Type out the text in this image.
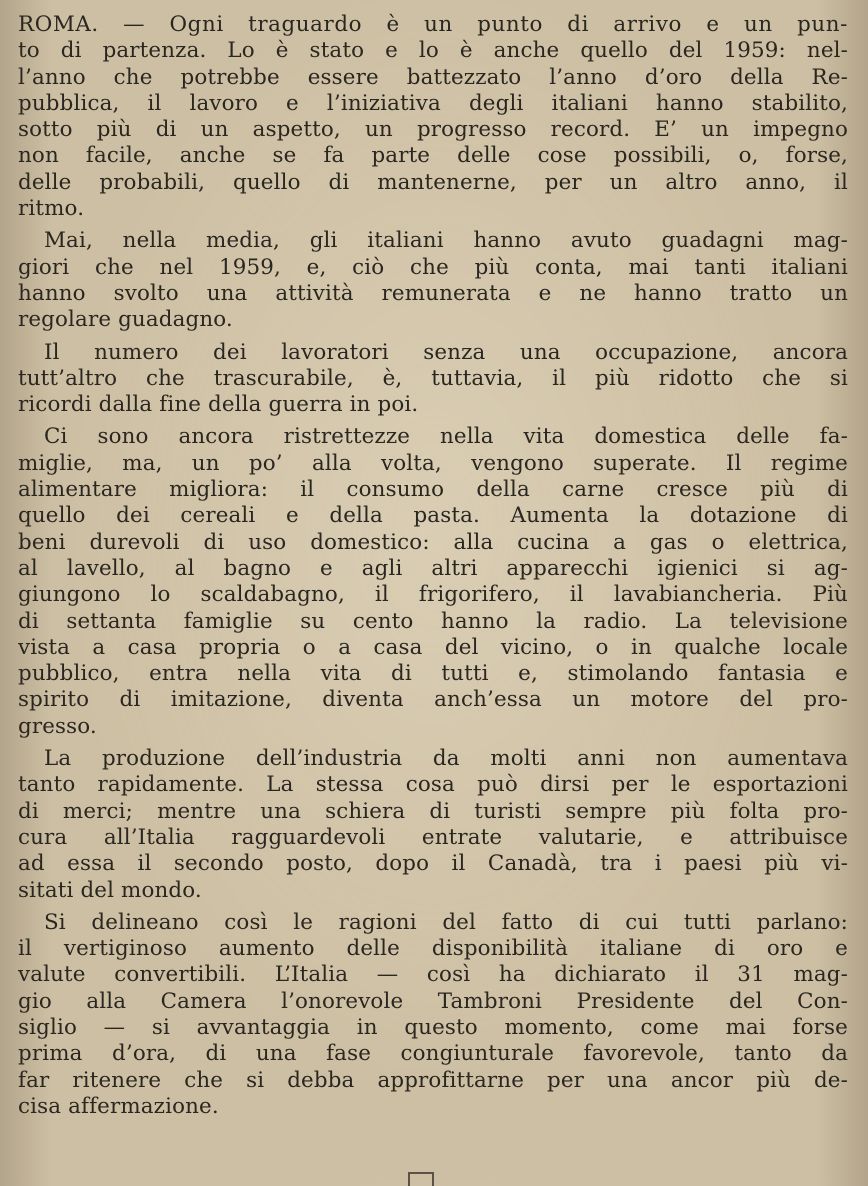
ROMA. — Ogni traguardo è un punto di arrivo e un pun-
to di partenza. Lo è stato e lo è anche quello del 1959: nel-
l’anno che potrebbe essere battezzato l’anno d’oro della Re-
pubblica, il lavoro e l’iniziativa degli italiani hanno stabilito,
sotto più di un aspetto, un progresso record. E’ un impegno
non facile, anche se fa parte delle cose possibili, o, forse,
delle probabili, quello di mantenerne, per un altro anno, il
ritmo.
Mai, nella media, gli italiani hanno avuto guadagni mag-
giori che nel 1959, e, ciò che più conta, mai tanti italiani
hanno svolto una attività remunerata e ne hanno tratto un
regolare guadagno.
Il numero dei lavoratori senza una occupazione, ancora
tutt’altro che trascurabile, è, tuttavia, il più ridotto che si
ricordi dalla fine della guerra in poi.
Ci sono ancora ristrettezze nella vita domestica delle fa-
miglie, ma, un po’ alla volta, vengono superate. Il regime
alimentare migliora: il consumo della carne cresce più di
quello dei cereali e della pasta. Aumenta la dotazione di
beni durevoli di uso domestico: alla cucina a gas o elettrica,
al lavello, al bagno e agli altri apparecchi igienici si ag-
giungono lo scaldabagno, il frigorifero, il lavabiancheria. Più
di settanta famiglie su cento hanno la radio. La televisione
vista a casa propria o a casa del vicino, o in qualche locale
pubblico, entra nella vita di tutti e, stimolando fantasia e
spirito di imitazione, diventa anch’essa un motore del pro-
gresso.
La produzione dell’industria da molti anni non aumentava
tanto rapidamente. La stessa cosa può dirsi per le esportazioni
di merci; mentre una schiera di turisti sempre più folta pro-
cura all’Italia ragguardevoli entrate valutarie, e attribuisce
ad essa il secondo posto, dopo il Canadà, tra i paesi più vi-
sitati del mondo.
Si delineano così le ragioni del fatto di cui tutti parlano:
il vertiginoso aumento delle disponibilità italiane di oro e
valute convertibili. L’Italia — così ha dichiarato il 31 mag-
gio alla Camera l’onorevole Tambroni Presidente del Con-
siglio — si avvantaggia in questo momento, come mai forse
prima d’ora, di una fase congiunturale favorevole, tanto da
far ritenere che si debba approfittarne per una ancor più de-
cisa affermazione.
